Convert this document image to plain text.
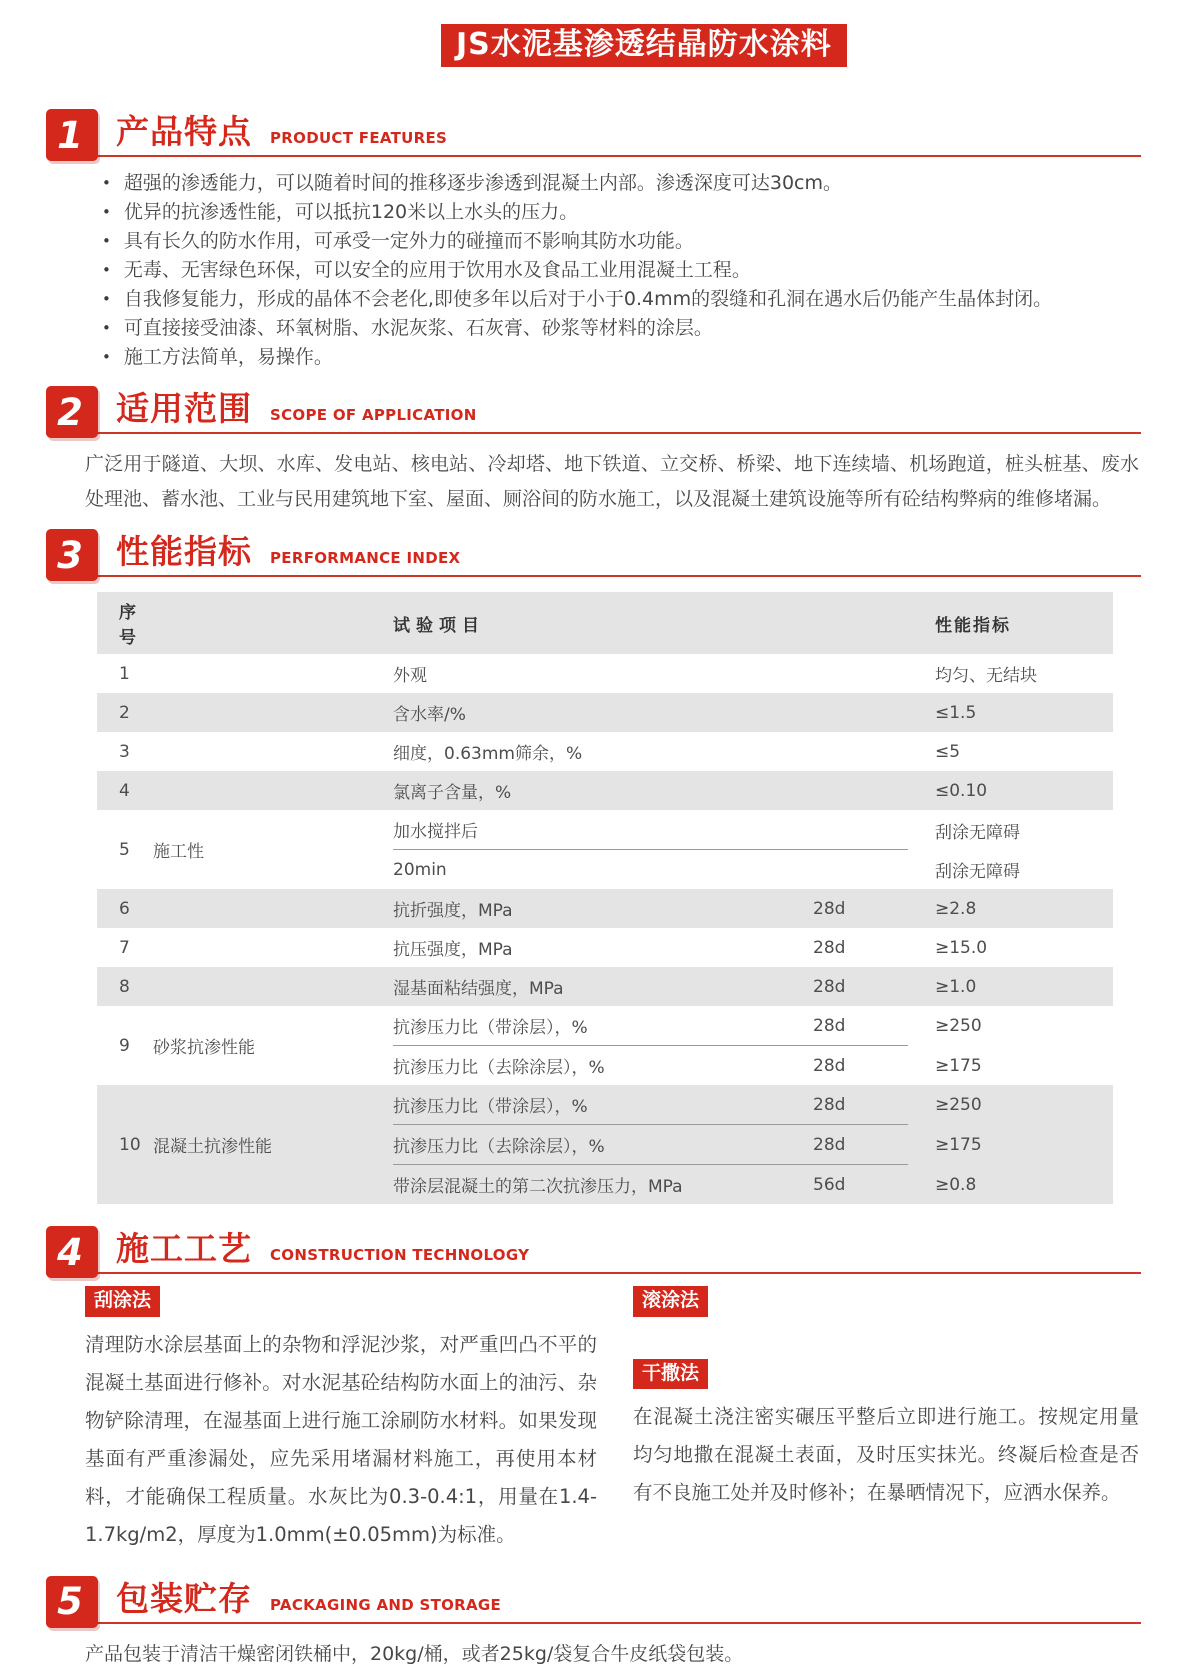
JS水泥基渗透结晶防水涂料
1	产品特点 PRODUCT FEATURES
• 超强的渗透能力，可以随着时间的推移逐步渗透到混凝土内部。渗透深度可达30cm。
• 优异的抗渗透性能，可以抵抗120米以上水头的压力。
• 具有长久的防水作用，可承受一定外力的碰撞而不影响其防水功能。
• 无毒、无害绿色环保，可以安全的应用于饮用水及食品工业用混凝土工程。
• 自我修复能力，形成的晶体不会老化,即使多年以后对于小于0.4mm的裂缝和孔洞在遇水后仍能产生晶体封闭。
• 可直接接受油漆、环氧树脂、水泥灰浆、石灰膏、砂浆等材料的涂层。
• 施工方法简单，易操作。
2	适用范围 SCOPE OF APPLICATION

广泛用于隧道、大坝、水库、发电站、核电站、冷却塔、地下铁道、立交桥、桥梁、地下连续墙、机场跑道，桩头桩基、废水处理池、蓄水池、工业与民用建筑地下室、屋面、厕浴间的防水施工，以及混凝土建筑设施等所有砼结构弊病的维修堵漏。

3	性能指标 PERFORMANCE INDEX
序号
试验项目	性能指标
1	外观	均匀、无结块
2	含水率/%	≤1.5
3	细度，0.63mm筛余，%	≤5
4	氯离子含量，%	≤0.10
5	施工性
加水搅拌后	刮涂无障碍
20min	刮涂无障碍
6	抗折强度，MPa	28d	≥2.8
7	抗压强度，MPa	28d	≥15.0
8	湿基面粘结强度，MPa	28d	≥1.0
9	砂浆抗渗性能
抗渗压力比（带涂层），%	28d	≥250
抗渗压力比（去除涂层），%	28d	≥175
10 混凝土抗渗性能
抗渗压力比（带涂层），%	28d	≥250
抗渗压力比（去除涂层），%	28d	≥175
带涂层混凝土的第二次抗渗压力，MPa	56d	≥0.8
4	施工工艺 CONSTRUCTION TECHNOLOGY
刮涂法
清理防水涂层基面上的杂物和浮泥沙浆，对严重凹凸不平的混凝土基面进行修补。对水泥基砼结构防水面上的油污、杂物铲除清理，在湿基面上进行施工涂刷防水材料。如果发现基面有严重渗漏处，应先采用堵漏材料施工，再使用本材料，才能确保工程质量。水灰比为0.3-0.4:1，用量在1.4-1.7kg/m2，厚度为1.0mm(±0.05mm)为标准。
滚涂法
干撒法
在混凝土浇注密实碾压平整后立即进行施工。按规定用量均匀地撒在混凝土表面，及时压实抹光。终凝后检查是否有不良施工处并及时修补；在暴晒情况下，应洒水保养。
5	包装贮存 PACKAGING AND STORAGE

产品包装于清洁干燥密闭铁桶中，20kg/桶，或者25kg/袋复合牛皮纸袋包装。
